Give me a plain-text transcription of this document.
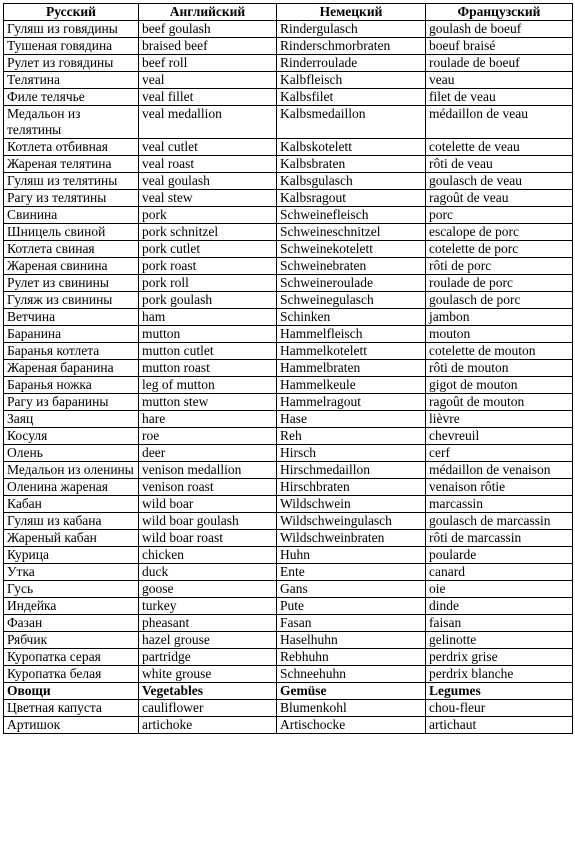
Русский	Английский	Немецкий	Французский
Гуляш из говядины	beef goulash	Rindergulasch	goulash de boeuf
Тушеная говядина	braised beef	Rinderschmorbraten	boeuf braisé
Рулет из говядины	beef roll	Rinderroulade	roulade de boeuf
Телятина	veal	Kalbfleisch	veau
Филе телячье	veal fillet	Kalbsfilet	filet de veau
Медальон из телятины	veal medallion	Kalbsmedaillon	médaillon de veau
Котлета отбивная	veal cutlet	Kalbskotelett	cotelette de veau
Жареная телятина	veal roast	Kalbsbraten	rôti de veau
Гуляш из телятины	veal goulash	Kalbsgulasch	goulasch de veau
Рагу из телятины	veal stew	Kalbsragout	ragoût de veau
Свинина	pork	Schweinefleisch	porc
Шницель свиной	pork schnitzel	Schweineschnitzel	escalope de porc
Котлета свиная	pork cutlet	Schweinekotelett	cotelette de porc
Жареная свинина	pork roast	Schweinebraten	rôti de porc
Рулет из свинины	pork roll	Schweineroulade	roulade de porc
Гуляж из свинины	pork goulash	Schweinegulasch	goulasch de porc
Ветчина	ham	Schinken	jambon
Баранина	mutton	Hammelfleisch	mouton
Баранья котлета	mutton cutlet	Hammelkotelett	cotelette de mouton
Жареная баранина	mutton roast	Hammelbraten	rôti de mouton
Баранья ножка	leg of mutton	Hammelkeule	gigot de mouton
Рагу из баранины	mutton stew	Hammelragout	ragoût de mouton
Заяц	hare	Hase	lièvre
Косуля	roe	Reh	chevreuil
Олень	deer	Hirsch	cerf
Медальон из оленины	venison medallion	Hirschmedaillon	médaillon de venaison
Оленина жареная	venison roast	Hirschbraten	venaison rôtie
Кабан	wild boar	Wildschwein	marcassin
Гуляш из кабана	wild boar goulash	Wildschweingulasch	goulasch de marcassin
Жареный кабан	wild boar roast	Wildschweinbraten	rôti de marcassin
Курица	chicken	Huhn	poularde
Утка	duck	Ente	canard
Гусь	goose	Gans	oie
Индейка	turkey	Pute	dinde
Фазан	pheasant	Fasan	faisan
Рябчик	hazel grouse	Haselhuhn	gelinotte
Куропатка серая	partridge	Rebhuhn	perdrix grise
Куропатка белая	white grouse	Schneehuhn	perdrix blanche
Овощи	Vegetables	Gemüse	Legumes
Цветная капуста	cauliflower	Blumenkohl	chou-fleur
Артишок	artichoke	Artischocke	artichaut
